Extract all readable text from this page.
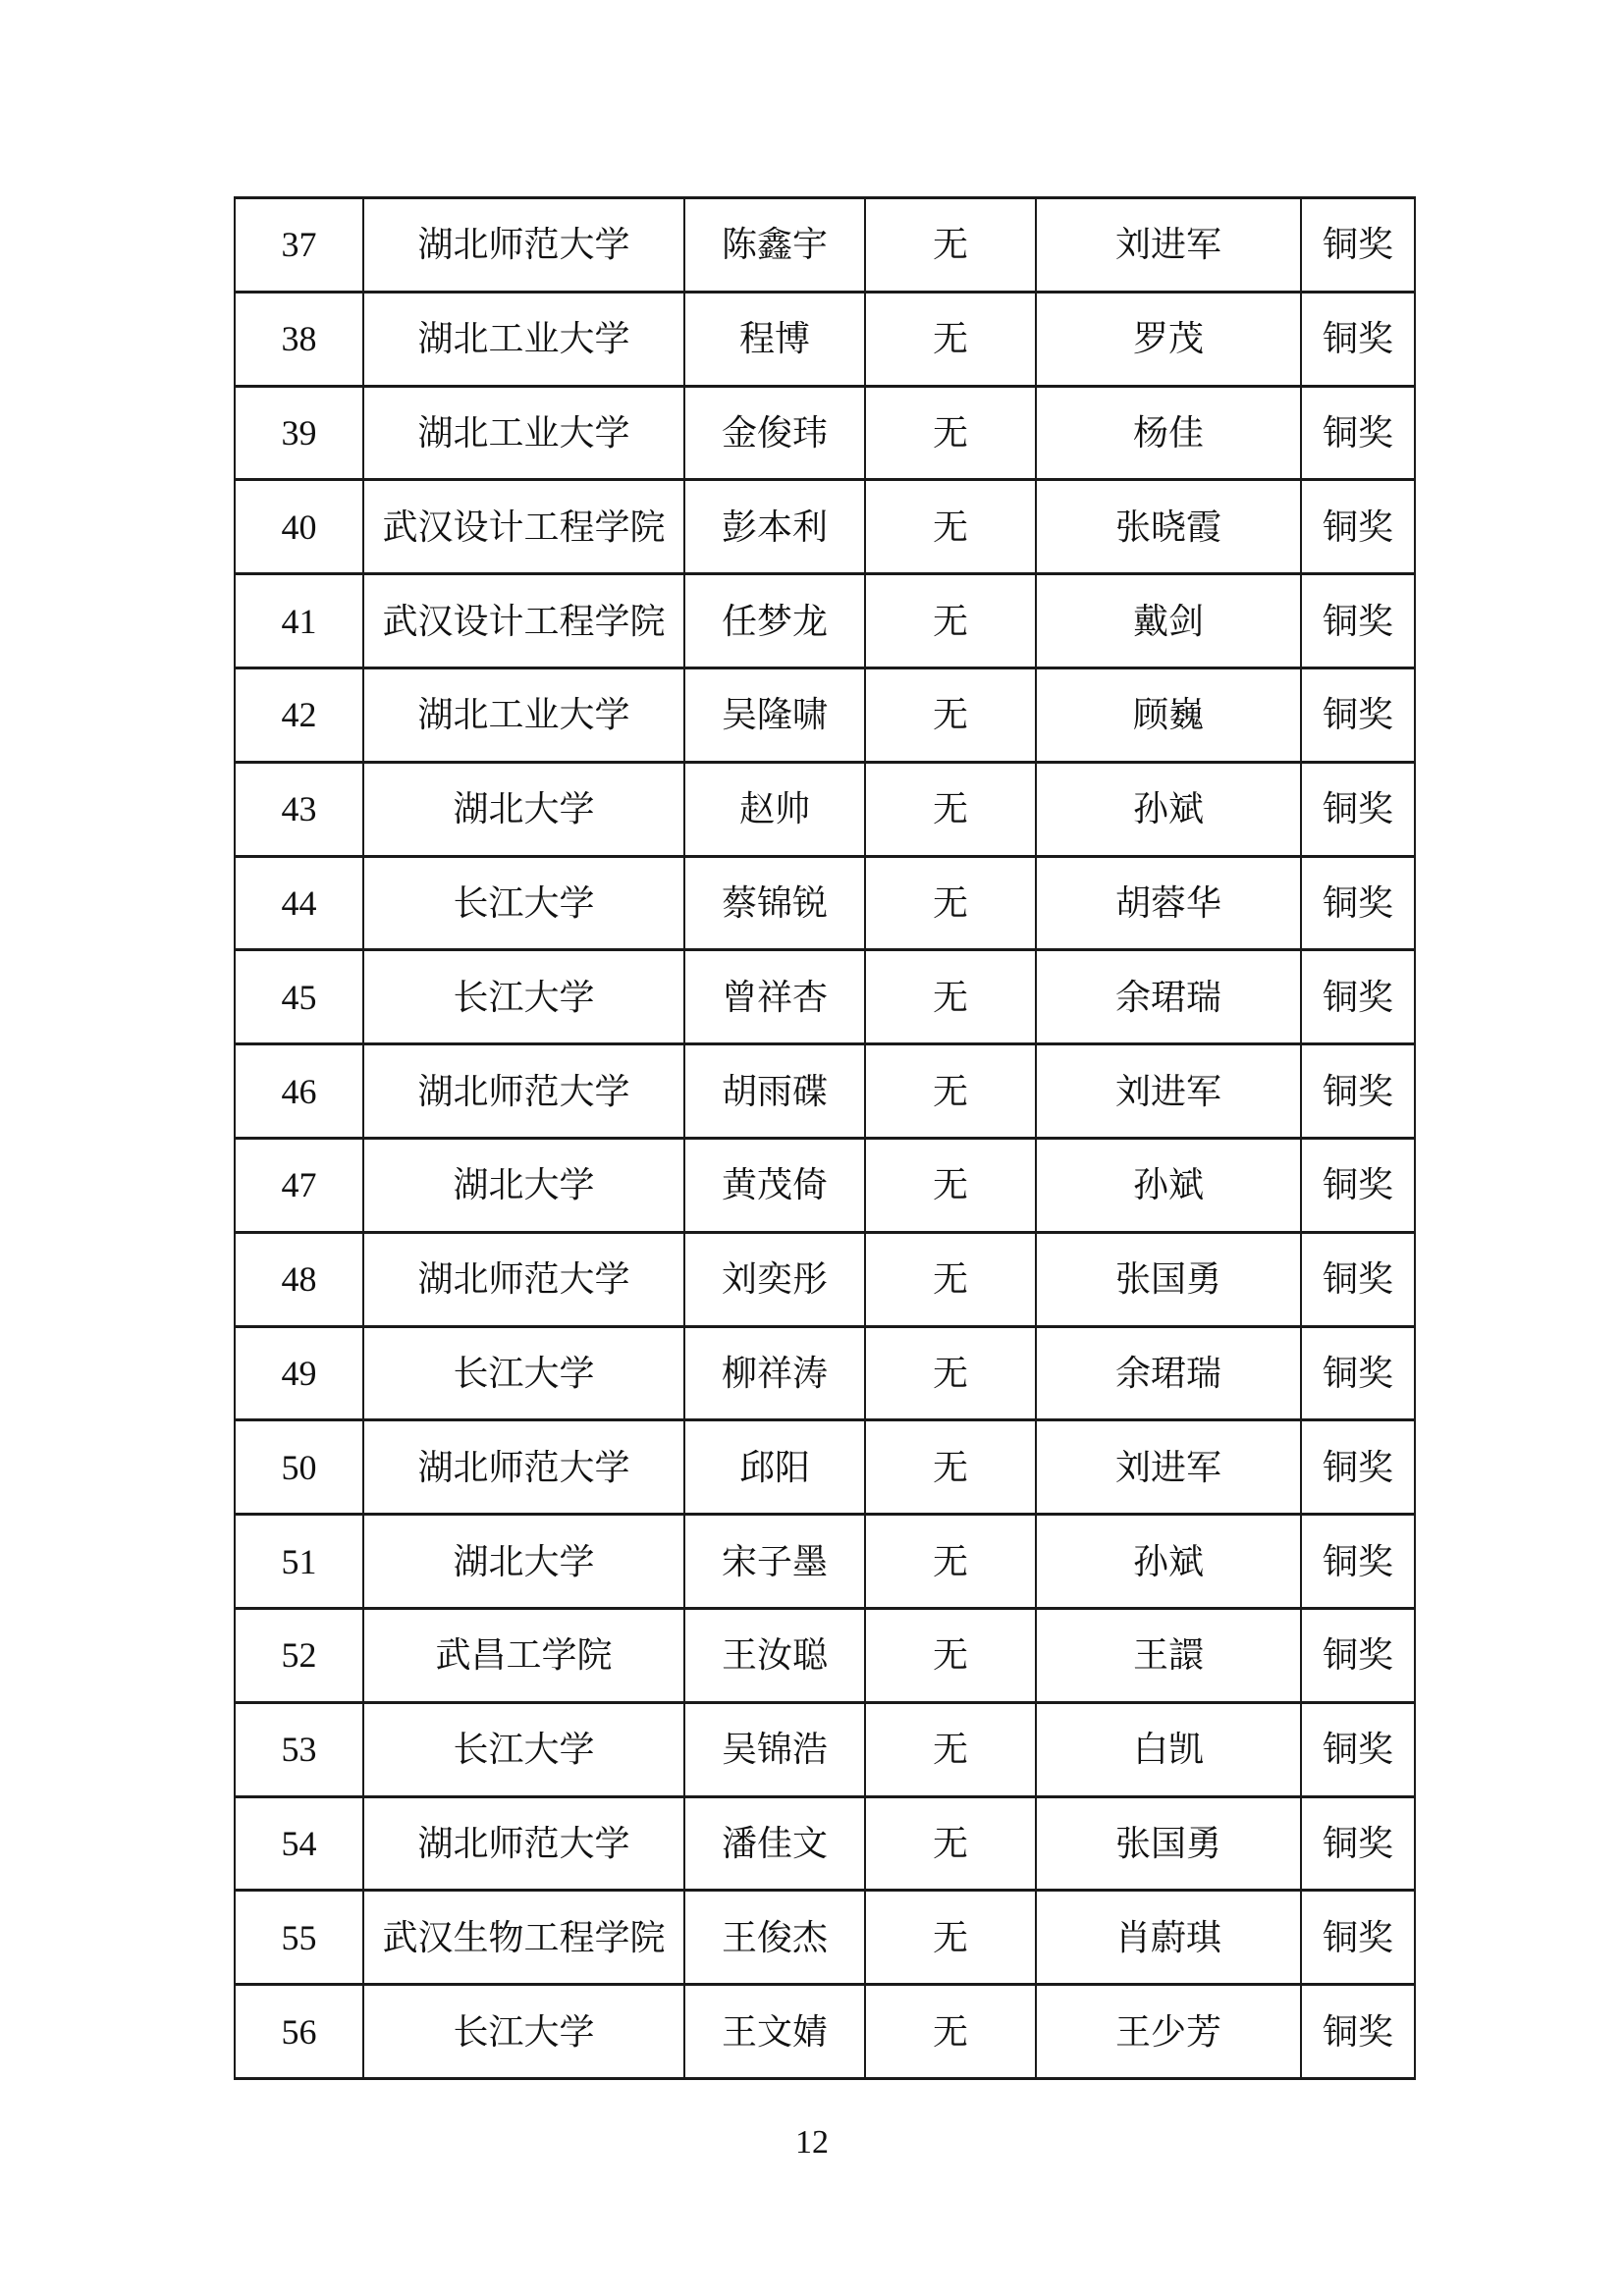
37	湖北师范大学	陈鑫宇	无	刘进军	铜奖
38	湖北工业大学	程博	无	罗茂	铜奖
39	湖北工业大学	金俊玮	无	杨佳	铜奖
40	武汉设计工程学院	彭本利	无	张晓霞	铜奖
41	武汉设计工程学院	任梦龙	无	戴剑	铜奖
42	湖北工业大学	吴隆啸	无	顾巍	铜奖
43	湖北大学	赵帅	无	孙斌	铜奖
44	长江大学	蔡锦锐	无	胡蓉华	铜奖
45	长江大学	曾祥杏	无	余珺瑞	铜奖
46	湖北师范大学	胡雨碟	无	刘进军	铜奖
47	湖北大学	黄茂倚	无	孙斌	铜奖
48	湖北师范大学	刘奕彤	无	张国勇	铜奖
49	长江大学	柳祥涛	无	余珺瑞	铜奖
50	湖北师范大学	邱阳	无	刘进军	铜奖
51	湖北大学	宋子墨	无	孙斌	铜奖
52	武昌工学院	王汝聪	无	王譞	铜奖
53	长江大学	吴锦浩	无	白凯	铜奖
54	湖北师范大学	潘佳文	无	张国勇	铜奖
55	武汉生物工程学院	王俊杰	无	肖蔚琪	铜奖
56	长江大学	王文婧	无	王少芳	铜奖
12
